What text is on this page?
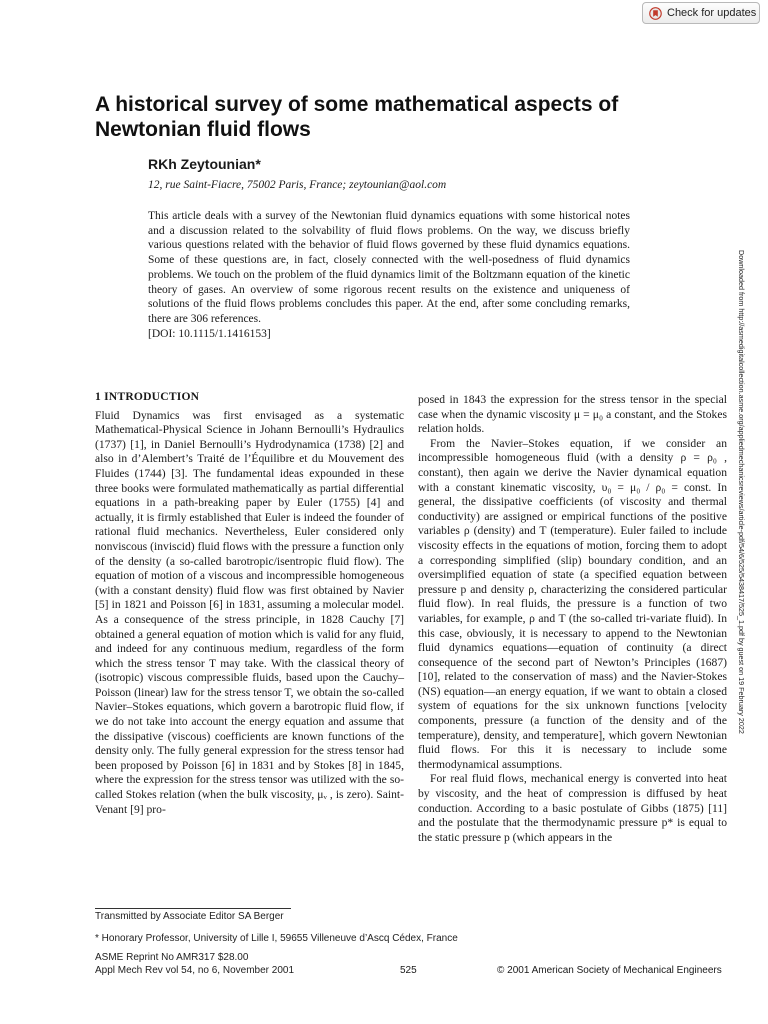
Check for updates
A historical survey of some mathematical aspects of Newtonian fluid flows
RKh Zeytounian*
12, rue Saint-Fiacre, 75002 Paris, France; zeytounian@aol.com
This article deals with a survey of the Newtonian fluid dynamics equations with some historical notes and a discussion related to the solvability of fluid flows problems. On the way, we discuss briefly various questions related with the behavior of fluid flows governed by these fluid dynamics equations. Some of these questions are, in fact, closely connected with the well-posedness of fluid dynamics problems. We touch on the problem of the fluid dynamics limit of the Boltzmann equation of the kinetic theory of gases. An overview of some rigorous recent results on the existence and uniqueness of solutions of the fluid flows problems concludes this paper. At the end, after some concluding remarks, there are 306 references.
[DOI: 10.1115/1.1416153]
1 INTRODUCTION

Fluid Dynamics was first envisaged as a systematic Mathematical-Physical Science in Johann Bernoulli’s Hydraulics (1737) [1], in Daniel Bernoulli’s Hydrodynamica (1738) [2] and also in d’Alembert’s Traité de l’Équilibre et du Mouvement des Fluides (1744) [3]. The fundamental ideas expounded in these three books were formulated mathematically as partial differential equations in a path-breaking paper by Euler (1755) [4] and actually, it is firmly established that Euler is indeed the founder of rational fluid mechanics. Nevertheless, Euler considered only nonviscous (inviscid) fluid flows with the pressure a function only of the density (a so-called barotropic/isentropic fluid flow). The equation of motion of a viscous and incompressible homogeneous (with a constant density) fluid flow was first obtained by Navier [5] in 1821 and Poisson [6] in 1831, assuming a molecular model. As a consequence of the stress principle, in 1828 Cauchy [7] obtained a general equation of motion which is valid for any fluid, and indeed for any continuous medium, regardless of the form which the stress tensor T may take. With the classical theory of (isotropic) viscous compressible fluids, based upon the Cauchy–Poisson (linear) law for the stress tensor T, we obtain the so-called Navier–Stokes equations, which govern a barotropic fluid flow, if we do not take into account the energy equation and assume that the dissipative (viscous) coefficients are known functions of the density only. The fully general expression for the stress tensor had been proposed by Poisson [6] in 1831 and by Stokes [8] in 1845, where the expression for the stress tensor was utilized with the so-called Stokes relation (when the bulk viscosity, μᵥ , is zero). Saint-Venant [9] pro-

posed in 1843 the expression for the stress tensor in the special case when the dynamic viscosity μ = μ₀ a constant, and the Stokes relation holds.

From the Navier–Stokes equation, if we consider an incompressible homogeneous fluid (with a density ρ = ρ₀ , constant), then again we derive the Navier dynamical equation with a constant kinematic viscosity, υ₀ = μ₀ / ρ₀ = const. In general, the dissipative coefficients (of viscosity and thermal conductivity) are assigned or empirical functions of the positive variables ρ (density) and T (temperature). Euler failed to include viscosity effects in the equations of motion, forcing them to adopt a corresponding simplified (slip) boundary condition, and an oversimplified equation of state (a specified equation between pressure p and density ρ, characterizing the considered particular fluid flow). In real fluids, the pressure is a function of two variables, for example, ρ and T (the so-called tri-variate fluid). In this case, obviously, it is necessary to append to the Newtonian fluid dynamics equations—equation of continuity (a direct consequence of the second part of Newton’s Principles (1687) [10], related to the conservation of mass) and the Navier-Stokes (NS) equation—an energy equation, if we want to obtain a closed system of equations for the six unknown functions [velocity components, pressure (a function of the density and of the temperature), density, and temperature], which govern Newtonian fluid flows. For this it is necessary to include some thermodynamical assumptions.

For real fluid flows, mechanical energy is converted into heat by viscosity, and the heat of compression is diffused by heat conduction. According to a basic postulate of Gibbs (1875) [11] and the postulate that the thermodynamic pressure p* is equal to the static pressure p (which appears in the

Downloaded from http://asmedigitalcollection.asme.org/appliedmechanicsreviews/article-pdf/54/6/525/5438417/525_1.pdf by guest on 19 February 2022
Transmitted by Associate Editor SA Berger
* Honorary Professor, University of Lille I, 59655 Villeneuve d’Ascq Cédex, France
ASME Reprint No AMR317 $28.00
Appl Mech Rev vol 54, no 6, November 2001	525	© 2001 American Society of Mechanical Engineers
